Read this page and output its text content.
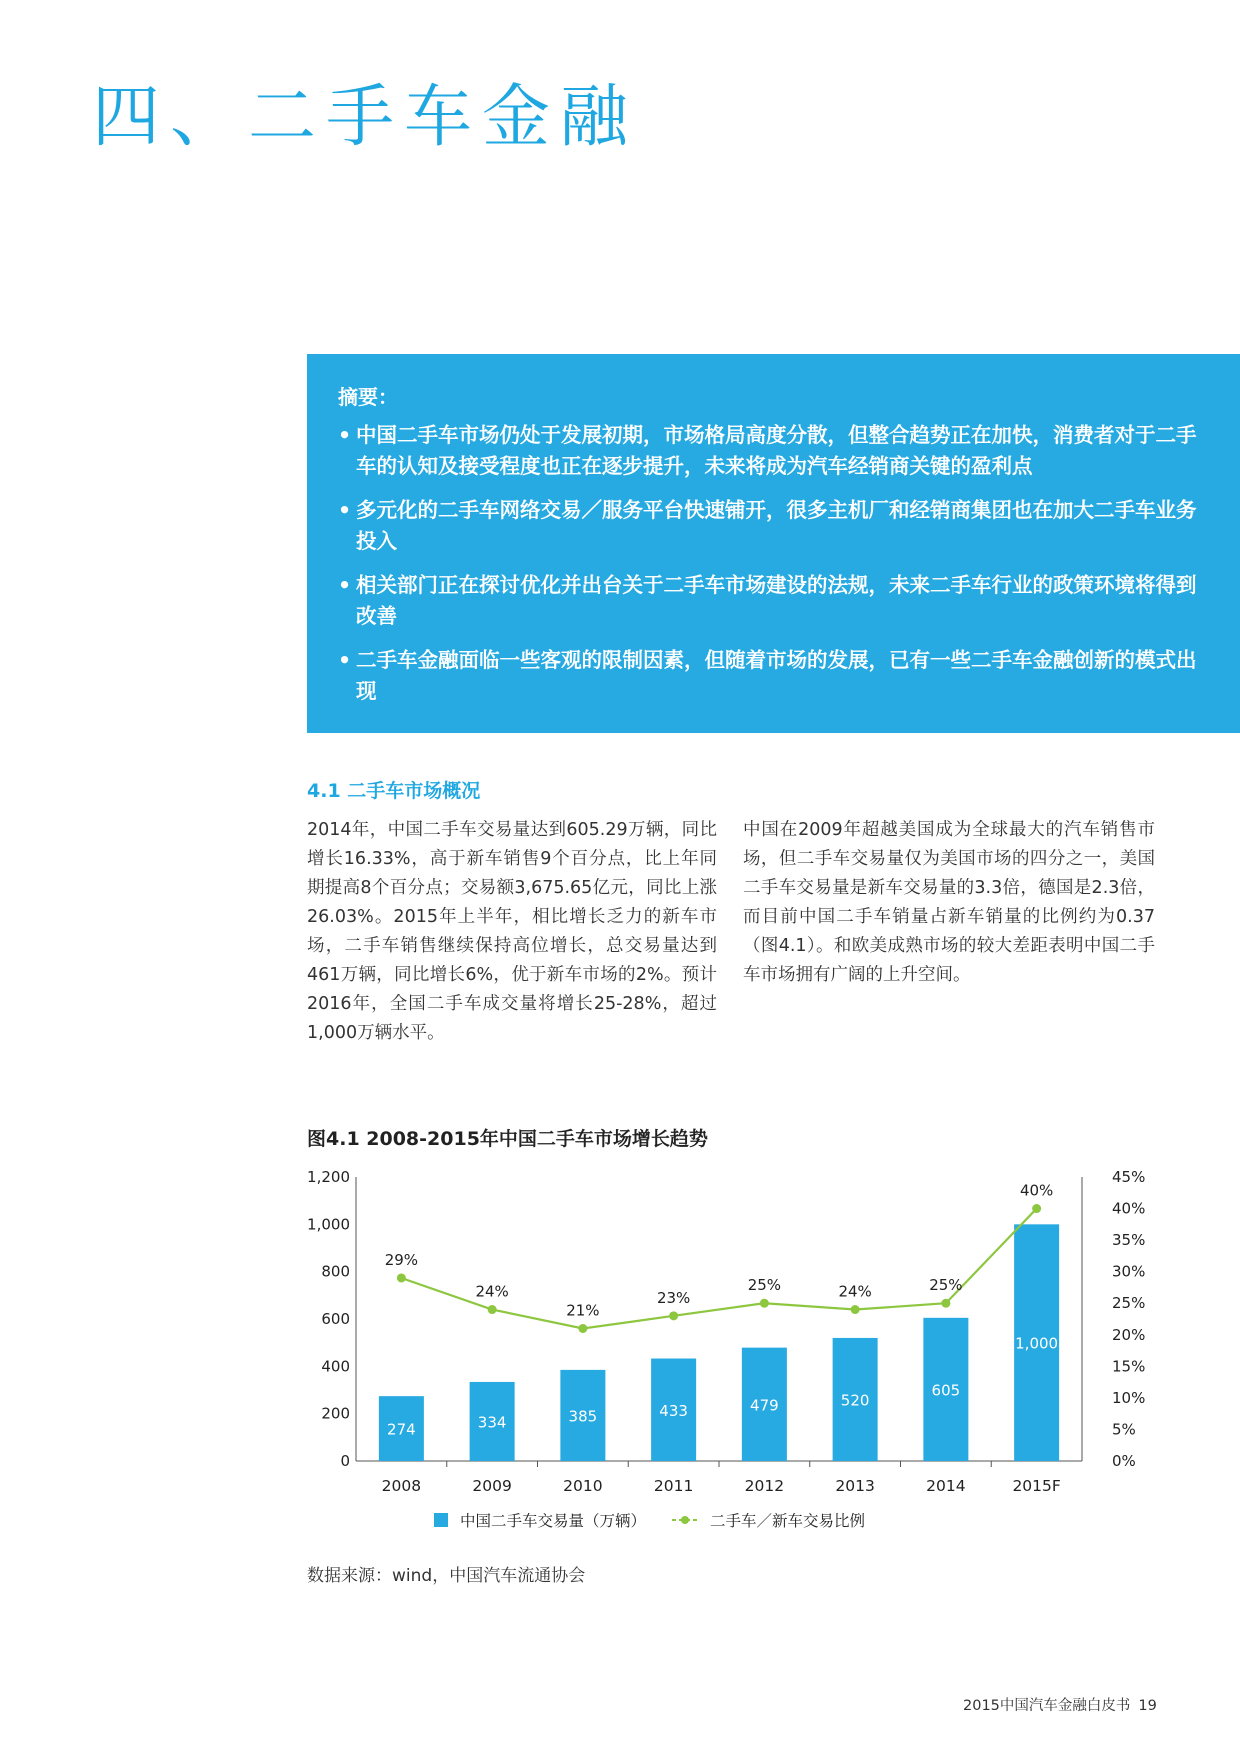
四、二手车金融
摘要：
• 中国二手车市场仍处于发展初期，市场格局高度分散，但整合趋势正在加快，消费者对于二手车的认知及接受程度也正在逐步提升，未来将成为汽车经销商关键的盈利点
• 多元化的二手车网络交易／服务平台快速铺开，很多主机厂和经销商集团也在加大二手车业务投入
• 相关部门正在探讨优化并出台关于二手车市场建设的法规，未来二手车行业的政策环境将得到改善
• 二手车金融面临一些客观的限制因素，但随着市场的发展，已有一些二手车金融创新的模式出现
4.1 二手车市场概况
2014年，中国二手车交易量达到605.29万辆，同比增长16.33%，高于新车销售9个百分点，比上年同期提高8个百分点；交易额3,675.65亿元，同比上涨26.03%。2015年上半年，相比增长乏力的新车市场，二手车销售继续保持高位增长，总交易量达到461万辆，同比增长6%，优于新车市场的2%。预计2016年，全国二手车成交量将增长25-28%，超过1,000万辆水平。
中国在2009年超越美国成为全球最大的汽车销售市场，但二手车交易量仅为美国市场的四分之一，美国二手车交易量是新车交易量的3.3倍，德国是2.3倍，而目前中国二手车销量占新车销量的比例约为0.37（图4.1）。和欧美成熟市场的较大差距表明中国二手车市场拥有广阔的上升空间。
图4.1 2008-2015年中国二手车市场增长趋势
0
200
400
600
800
1,000
1,200
0%
5%
10%
15%
20%
25%
30%
35%
40%
45%
2008	2009	2010	2011	2012	2013	2014	2015F
274	334	385	433	479	520
605
1,000
29%
24%
21%
23%
25%	24%	25%
40%
中国二手车交易量（万辆）	二手车／新车交易比例
数据来源：wind，中国汽车流通协会
2015中国汽车金融白皮书 19
